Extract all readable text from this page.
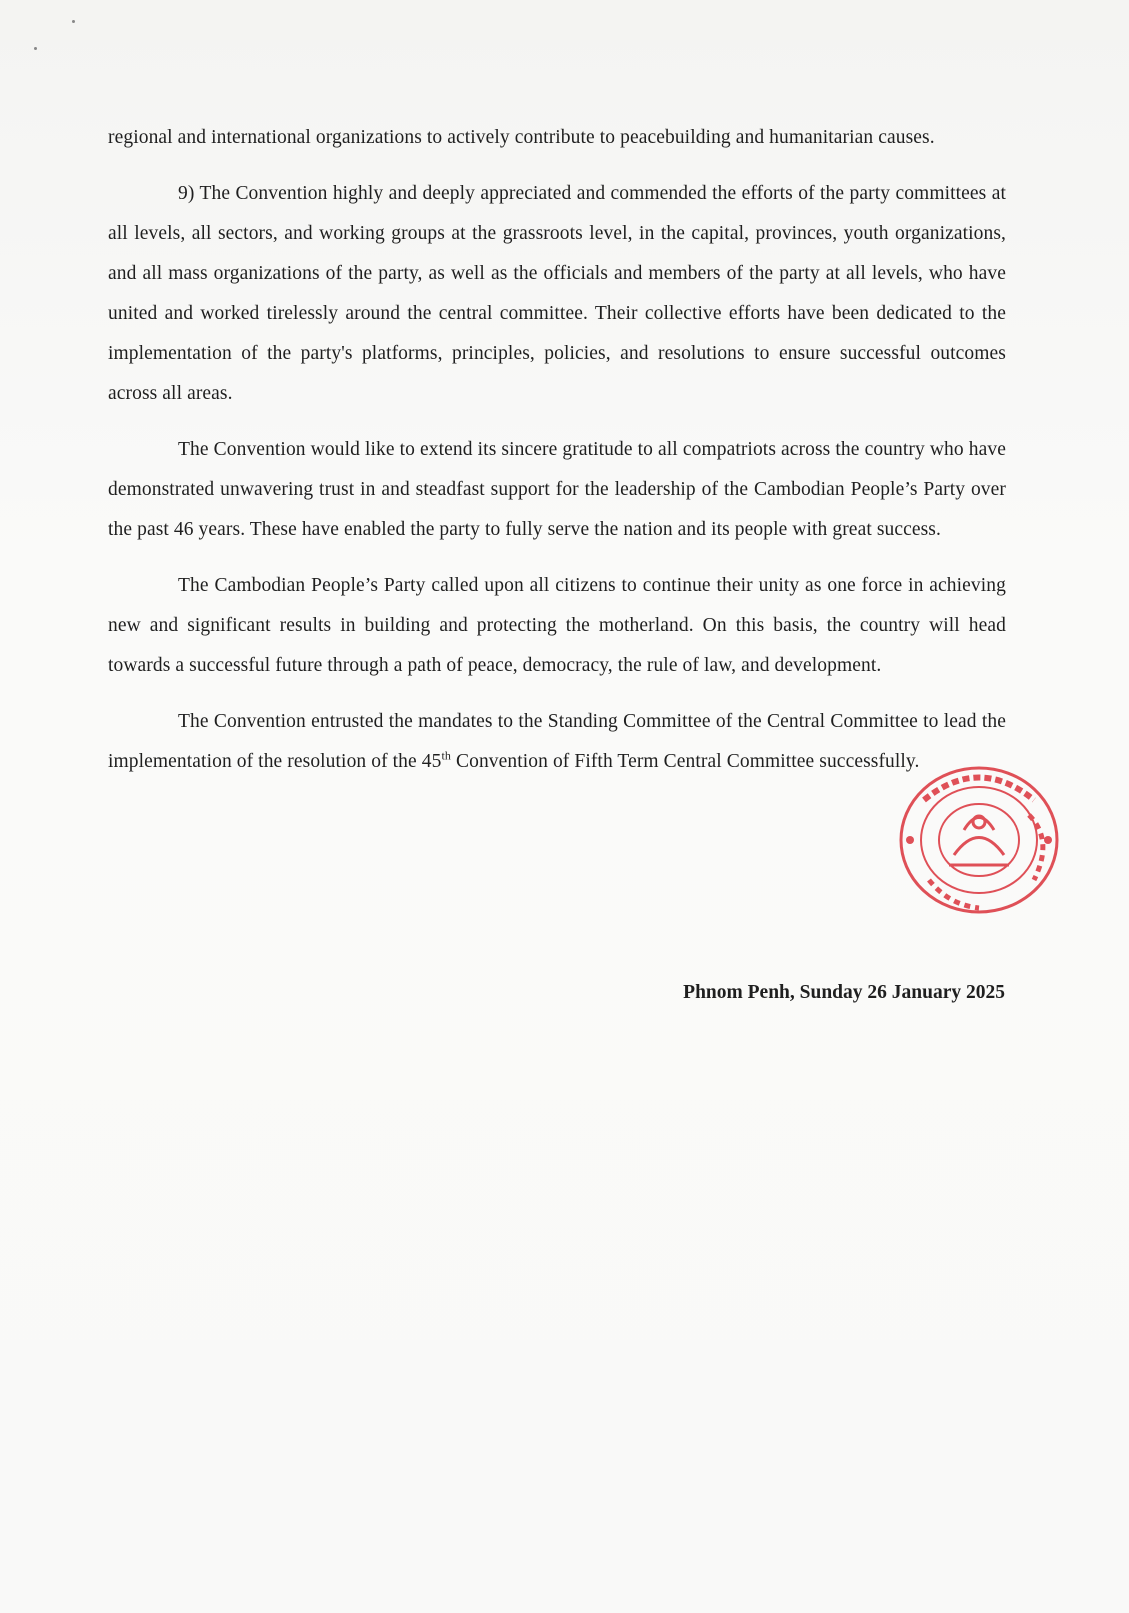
regional and international organizations to actively contribute to peacebuilding and humanitarian causes.

9) The Convention highly and deeply appreciated and commended the efforts of the party committees at all levels, all sectors, and working groups at the grassroots level, in the capital, provinces, youth organizations, and all mass organizations of the party, as well as the officials and members of the party at all levels, who have united and worked tirelessly around the central committee. Their collective efforts have been dedicated to the implementation of the party's platforms, principles, policies, and resolutions to ensure successful outcomes across all areas.

The Convention would like to extend its sincere gratitude to all compatriots across the country who have demonstrated unwavering trust in and steadfast support for the leadership of the Cambodian People’s Party over the past 46 years. These have enabled the party to fully serve the nation and its people with great success.

The Cambodian People’s Party called upon all citizens to continue their unity as one force in achieving new and significant results in building and protecting the motherland. On this basis, the country will head towards a successful future through a path of peace, democracy, the rule of law, and development.

The Convention entrusted the mandates to the Standing Committee of the Central Committee to lead the implementation of the resolution of the 45th Convention of Fifth Term Central Committee successfully.

Phnom Penh, Sunday 26 January 2025
